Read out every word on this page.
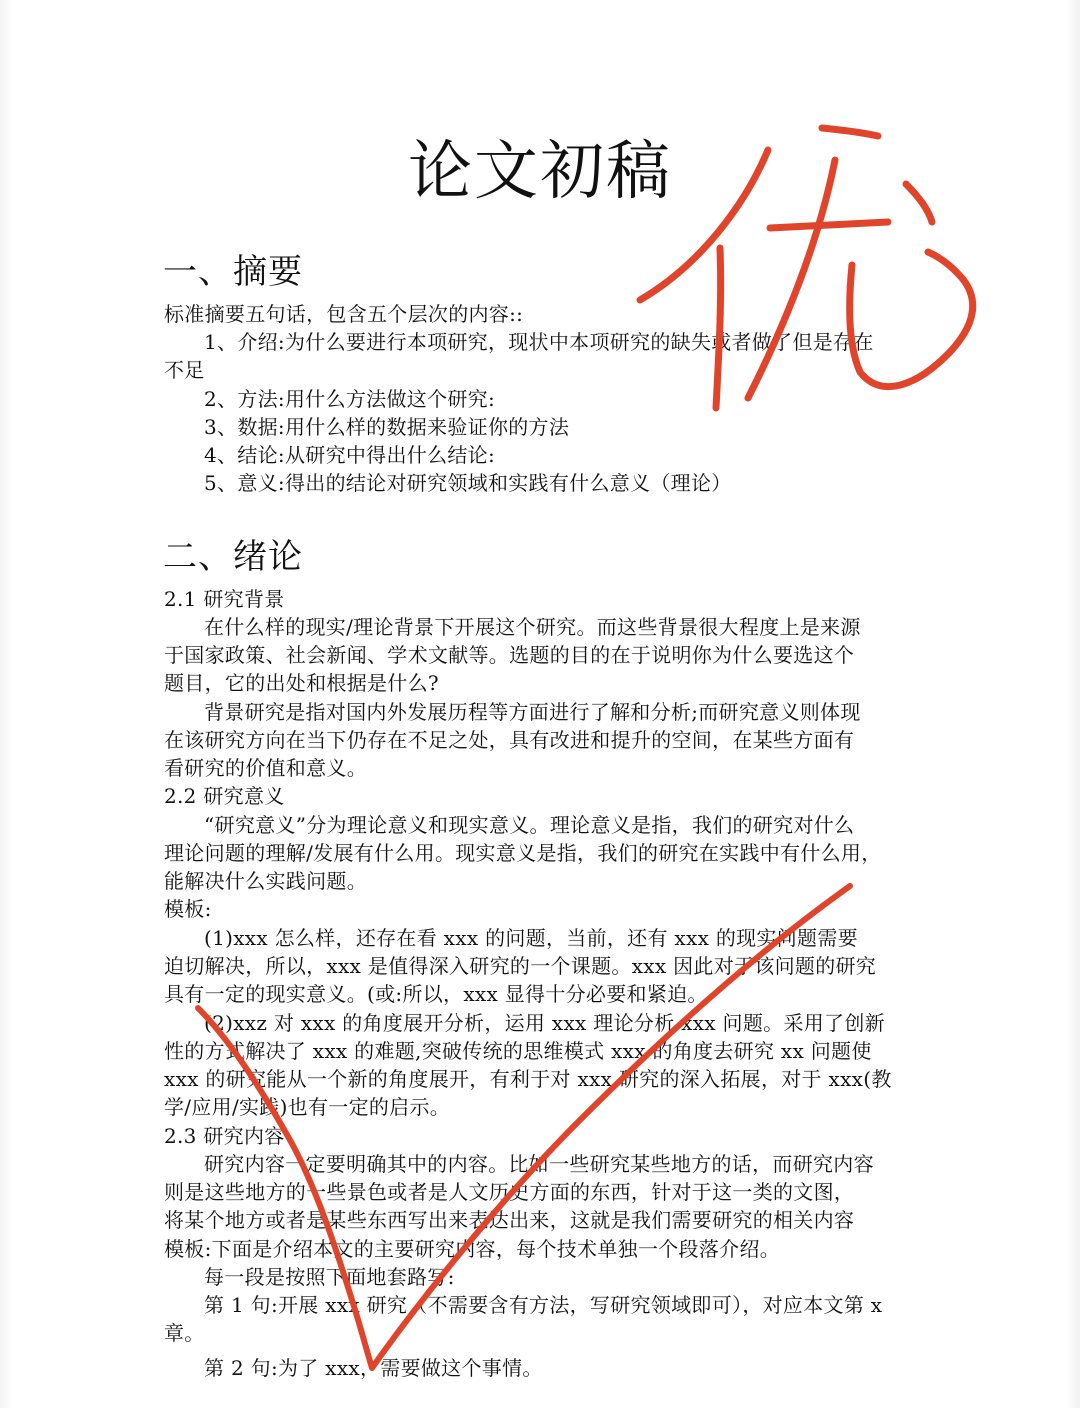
论文初稿
一、摘要

标准摘要五句话，包含五个层次的内容::

1、介绍:为什么要进行本项研究，现状中本项研究的缺失或者做了但是存在

不足

2、方法:用什么方法做这个研究:

3、数据:用什么样的数据来验证你的方法

4、结论:从研究中得出什么结论:

5、意义:得出的结论对研究领域和实践有什么意义（理论）

二、绪论

2.1 研究背景

在什么样的现实/理论背景下开展这个研究。而这些背景很大程度上是来源

于国家政策、社会新闻、学术文献等。选题的目的在于说明你为什么要选这个

题目，它的出处和根据是什么?

背景研究是指对国内外发展历程等方面进行了解和分析;而研究意义则体现

在该研究方向在当下仍存在不足之处，具有改进和提升的空间，在某些方面有

看研究的价值和意义。

2.2 研究意义

“研究意义”分为理论意义和现实意义。理论意义是指，我们的研究对什么

理论问题的理解/发展有什么用。现实意义是指，我们的研究在实践中有什么用，

能解决什么实践问题。

模板:

(1)xxx 怎么样，还存在看 xxx 的问题，当前，还有 xxx 的现实问题需要

迫切解决，所以，xxx 是值得深入研究的一个课题。xxx 因此对于该问题的研究

具有一定的现实意义。(或:所以，xxx 显得十分必要和紧迫。

(2)xxz 对 xxx 的角度展开分析，运用 xxx 理论分析 xxx 问题。采用了创新

性的方式解决了 xxx 的难题,突破传统的思维模式 xxx 的角度去研究 xx 问题使

xxx 的研究能从一个新的角度展开，有利于对 xxx 研究的深入拓展，对于 xxx(教

学/应用/实践)也有一定的启示。

2.3 研究内容

研究内容一定要明确其中的内容。比如一些研究某些地方的话，而研究内容

则是这些地方的一些景色或者是人文历史方面的东西，针对于这一类的文图，

将某个地方或者是某些东西写出来表达出来，这就是我们需要研究的相关内容

模板:下面是介绍本文的主要研究内容，每个技术单独一个段落介绍。

每一段是按照下面地套路写:

第 1 句:开展 xxx 研究（不需要含有方法，写研究领域即可），对应本文第 x

章。

第 2 句:为了 xxx，需要做这个事情。
